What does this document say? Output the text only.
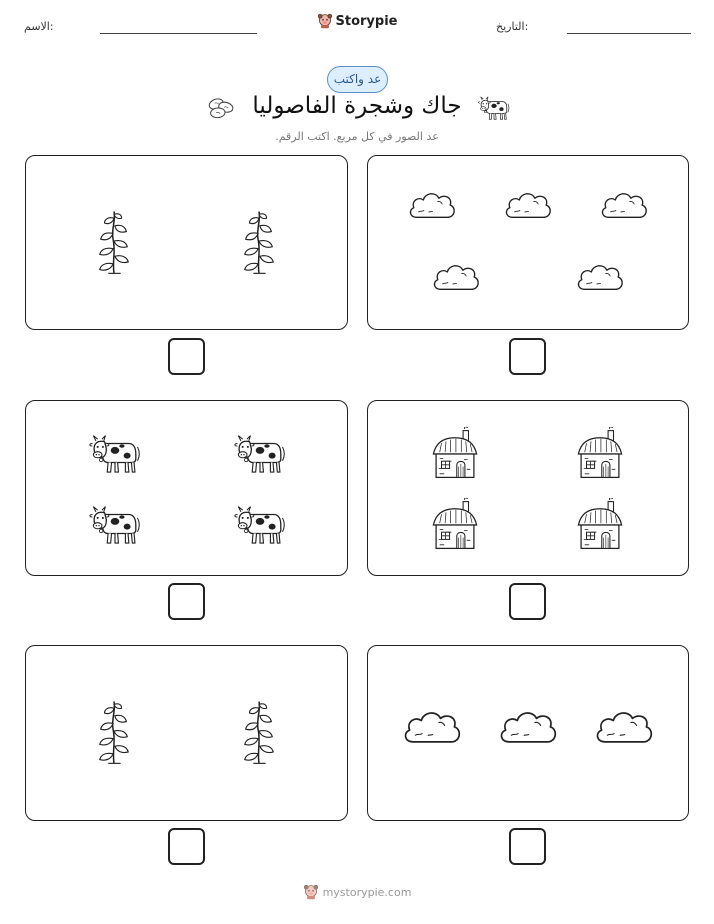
الاسم:	Storypie	التاريخ:
عد واكتب
جاك وشجرة الفاصوليا
عد الصور في كل مربع. اكتب الرقم.
mystorypie.com
